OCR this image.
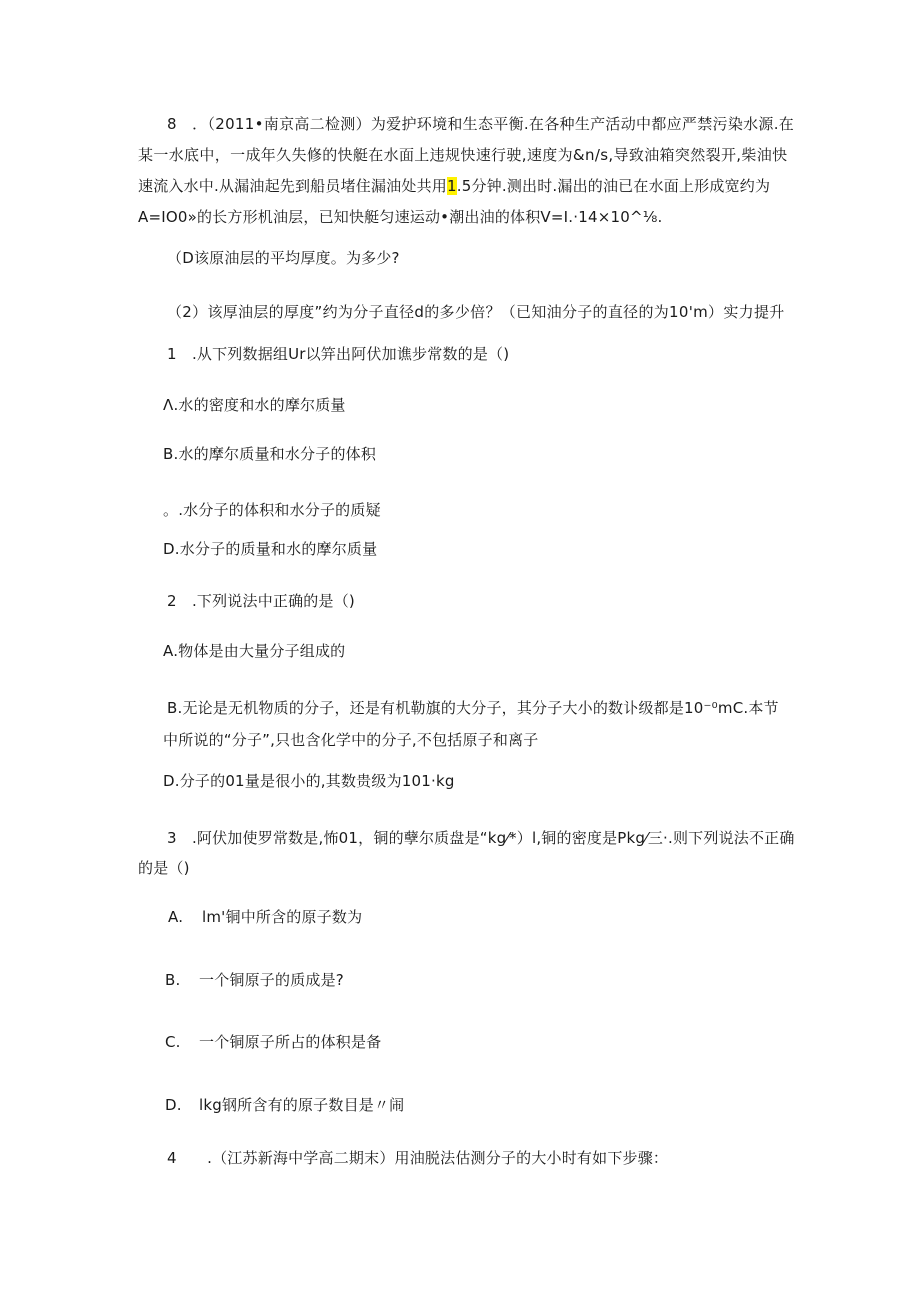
8　．（2011•南京高二检测）为爱护环境和生态平衡.在各种生产活动中都应严禁污染水源.在
某一水底中，一成年久失修的快艇在水面上违规快速行驶,速度为&n/s,导致油箱突然裂开,柴油快
速流入水中.从漏油起先到船员堵住漏油处共用1.5分钟.测出时.漏出的油已在水面上形成宽约为
A=IO0»的长方形机油层，已知快艇匀速运动•潮出油的体积V=I.·14×10^⅛.
（D该原油层的平均厚度。为多少?
（2）该厚油层的厚度”约为分子直径d的多少倍？（已知油分子的直径的为10'm）实力提升
1　.从下列数据组Ur以笄出阿伏加谯步常数的是（)
Λ.水的密度和水的摩尔质量
B.水的摩尔质量和水分子的体积
。.水分子的体积和水分子的质疑
D.水分子的质量和水的摩尔质量
2　.下列说法中正确的是（)
A.物体是由大量分子组成的
B.无论是无机物质的分子，还是有机勒旗的大分子，其分子大小的数讣级都是10⁻⁰mC.本节
中所说的“分子”,只也含化学中的分子,不包括原子和离子
D.分子的01量是很小的,其数贵级为101·kg
3　.阿伏加使罗常数是,怖01，铜的孽尔质盘是“kg⁄*）l,铜的密度是Pkg⁄三·.则下列说法不正确
的是（)
A. lm'铜中所含的原子数为
B. 一个铜原子的质成是?
C. 一个铜原子所占的体积是备
D. lkg钢所含有的原子数目是〃闹
4　　.（江苏新海中学高二期末）用油脱法估测分子的大小时有如下步骤：
